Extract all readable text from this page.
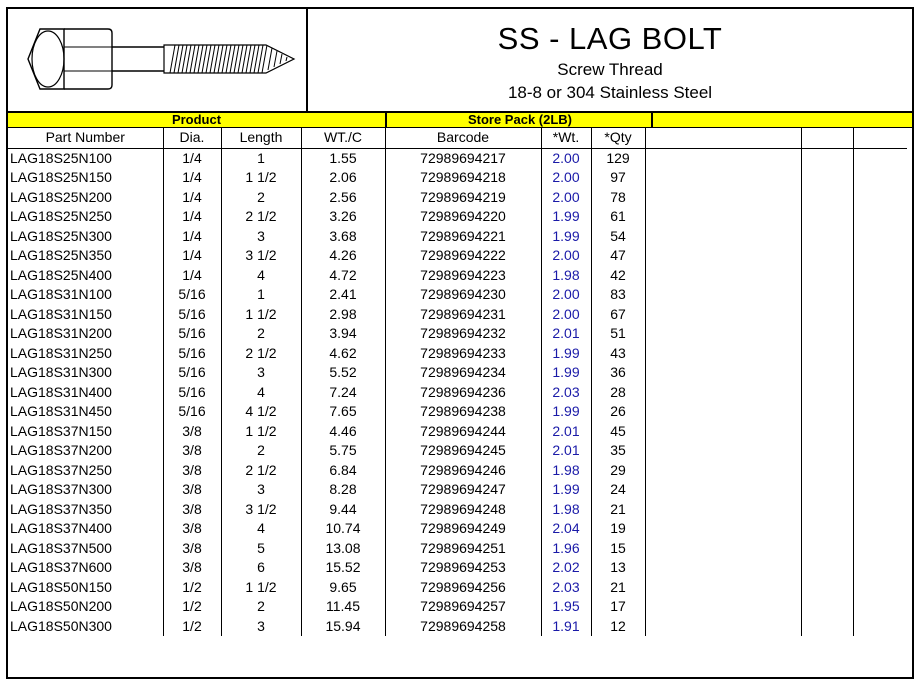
SS - LAG BOLT
Screw Thread
18-8 or 304 Stainless Steel
Product	Store Pack (2LB)
Part Number	Dia.	Length	WT./C	Barcode	*Wt.	*Qty			
LAG18S25N100	1/4	1	1.55	72989694217	2.00	129			
LAG18S25N150	1/4	1 1/2	2.06	72989694218	2.00	97			
LAG18S25N200	1/4	2	2.56	72989694219	2.00	78			
LAG18S25N250	1/4	2 1/2	3.26	72989694220	1.99	61			
LAG18S25N300	1/4	3	3.68	72989694221	1.99	54			
LAG18S25N350	1/4	3 1/2	4.26	72989694222	2.00	47			
LAG18S25N400	1/4	4	4.72	72989694223	1.98	42			
LAG18S31N100	5/16	1	2.41	72989694230	2.00	83			
LAG18S31N150	5/16	1 1/2	2.98	72989694231	2.00	67			
LAG18S31N200	5/16	2	3.94	72989694232	2.01	51			
LAG18S31N250	5/16	2 1/2	4.62	72989694233	1.99	43			
LAG18S31N300	5/16	3	5.52	72989694234	1.99	36			
LAG18S31N400	5/16	4	7.24	72989694236	2.03	28			
LAG18S31N450	5/16	4 1/2	7.65	72989694238	1.99	26			
LAG18S37N150	3/8	1 1/2	4.46	72989694244	2.01	45			
LAG18S37N200	3/8	2	5.75	72989694245	2.01	35			
LAG18S37N250	3/8	2 1/2	6.84	72989694246	1.98	29			
LAG18S37N300	3/8	3	8.28	72989694247	1.99	24			
LAG18S37N350	3/8	3 1/2	9.44	72989694248	1.98	21			
LAG18S37N400	3/8	4	10.74	72989694249	2.04	19			
LAG18S37N500	3/8	5	13.08	72989694251	1.96	15			
LAG18S37N600	3/8	6	15.52	72989694253	2.02	13			
LAG18S50N150	1/2	1 1/2	9.65	72989694256	2.03	21			
LAG18S50N200	1/2	2	11.45	72989694257	1.95	17			
LAG18S50N300	1/2	3	15.94	72989694258	1.91	12			
